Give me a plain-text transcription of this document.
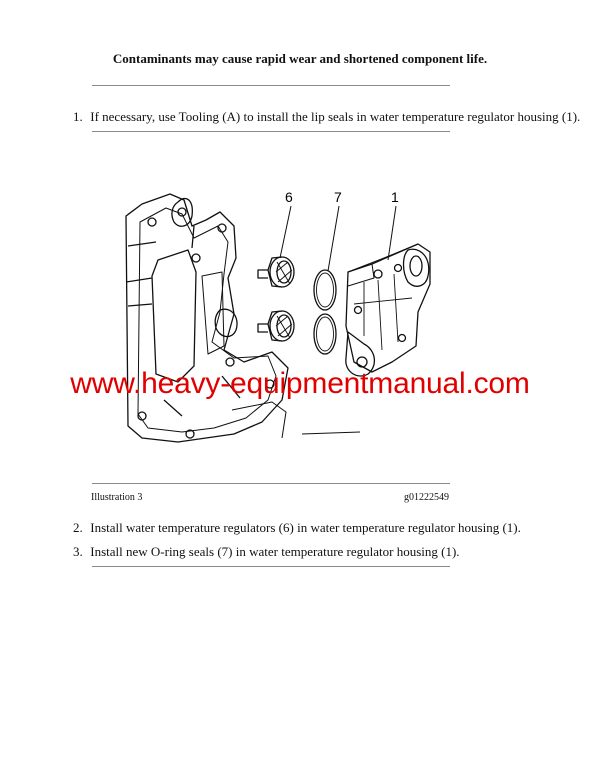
Contaminants may cause rapid wear and shortened component life.
1. If necessary, use Tooling (A) to install the lip seals in water temperature regulator housing (1).
6	7	1
www.heavy-equipmentmanual.com
Illustration 3	g01222549
2. Install water temperature regulators (6) in water temperature regulator housing (1).
3. Install new O-ring seals (7) in water temperature regulator housing (1).
